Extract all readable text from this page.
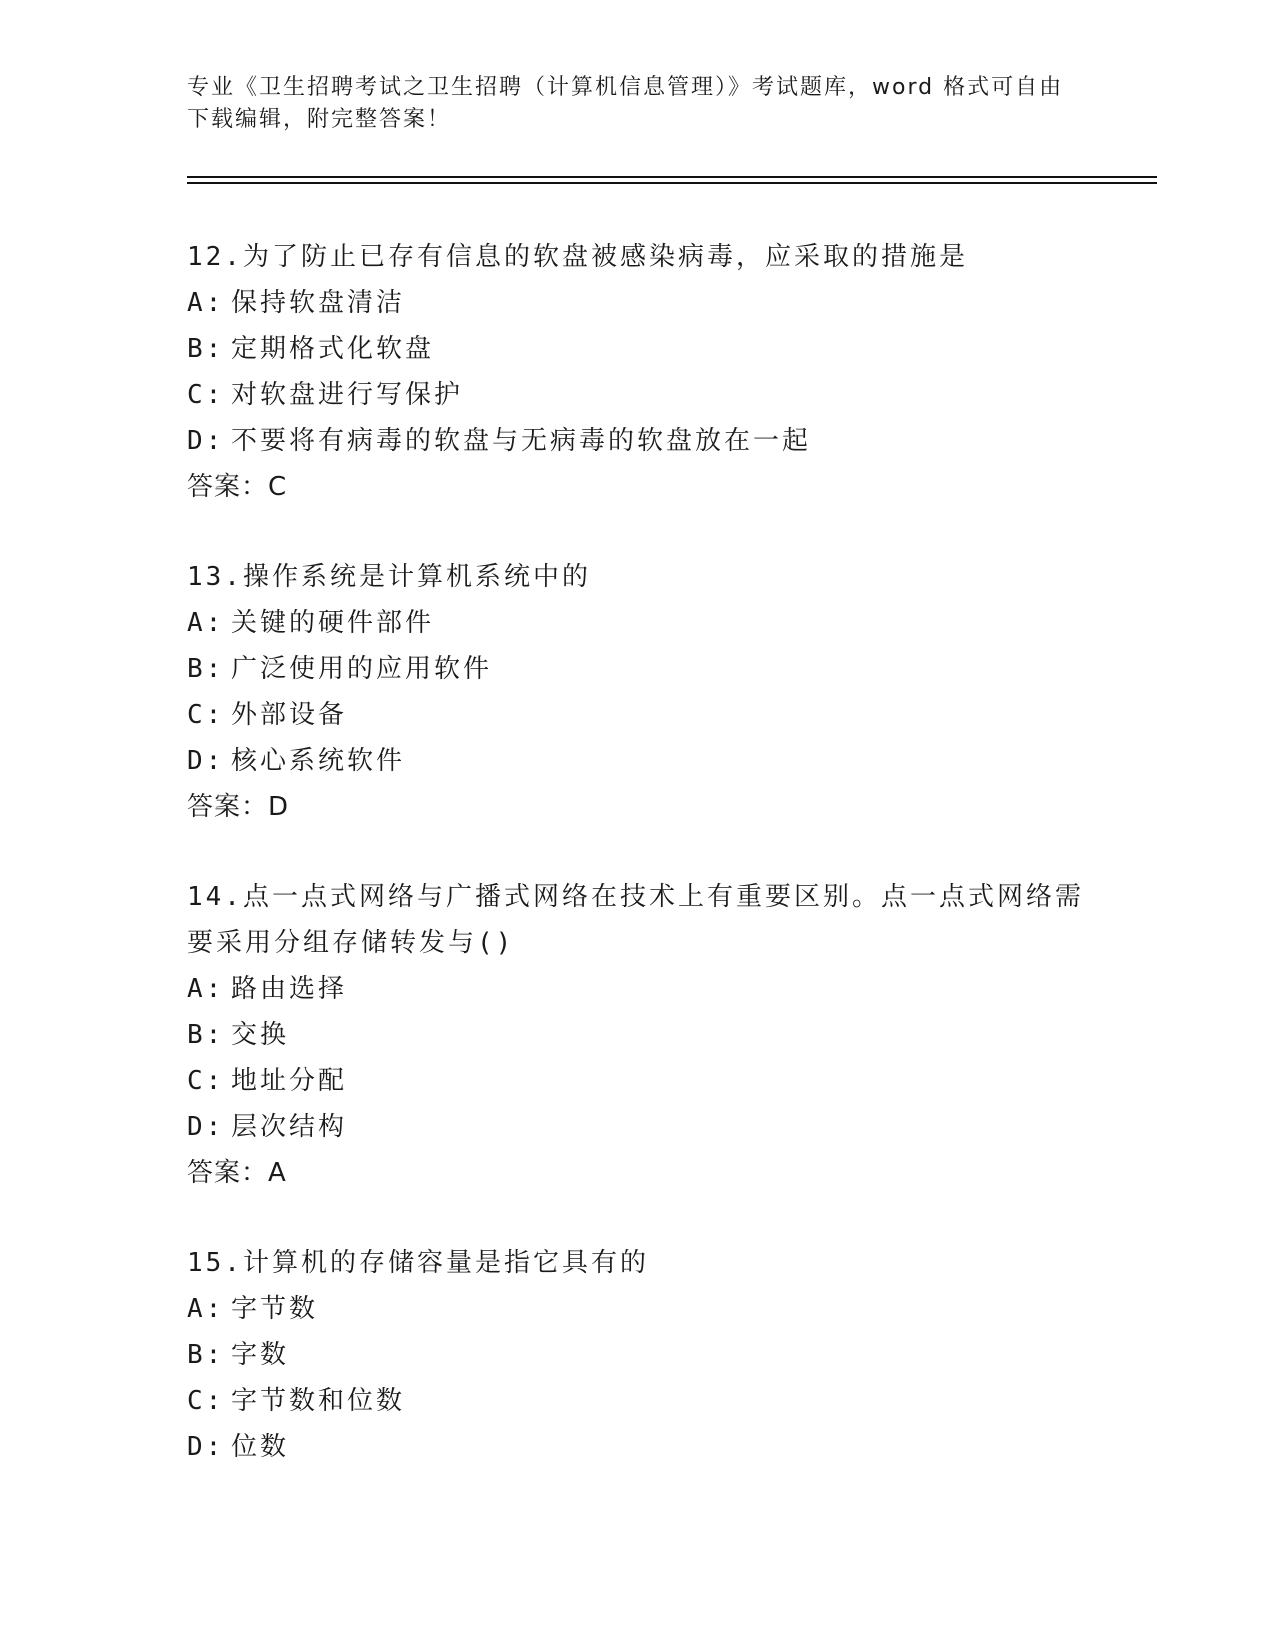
专业《卫生招聘考试之卫生招聘（计算机信息管理）》考试题库，word 格式可自由下载编辑，附完整答案！
12.为了防止已存有信息的软盘被感染病毒，应采取的措施是
A: 保持软盘清洁
B: 定期格式化软盘
C: 对软盘进行写保护
D: 不要将有病毒的软盘与无病毒的软盘放在一起
答案：C
13.操作系统是计算机系统中的
A: 关键的硬件部件
B: 广泛使用的应用软件
C: 外部设备
D: 核心系统软件
答案：D
14.点一点式网络与广播式网络在技术上有重要区别。点一点式网络需要采用分组存储转发与()
A: 路由选择
B: 交换
C: 地址分配
D: 层次结构
答案：A
15.计算机的存储容量是指它具有的
A: 字节数
B: 字数
C: 字节数和位数
D: 位数
